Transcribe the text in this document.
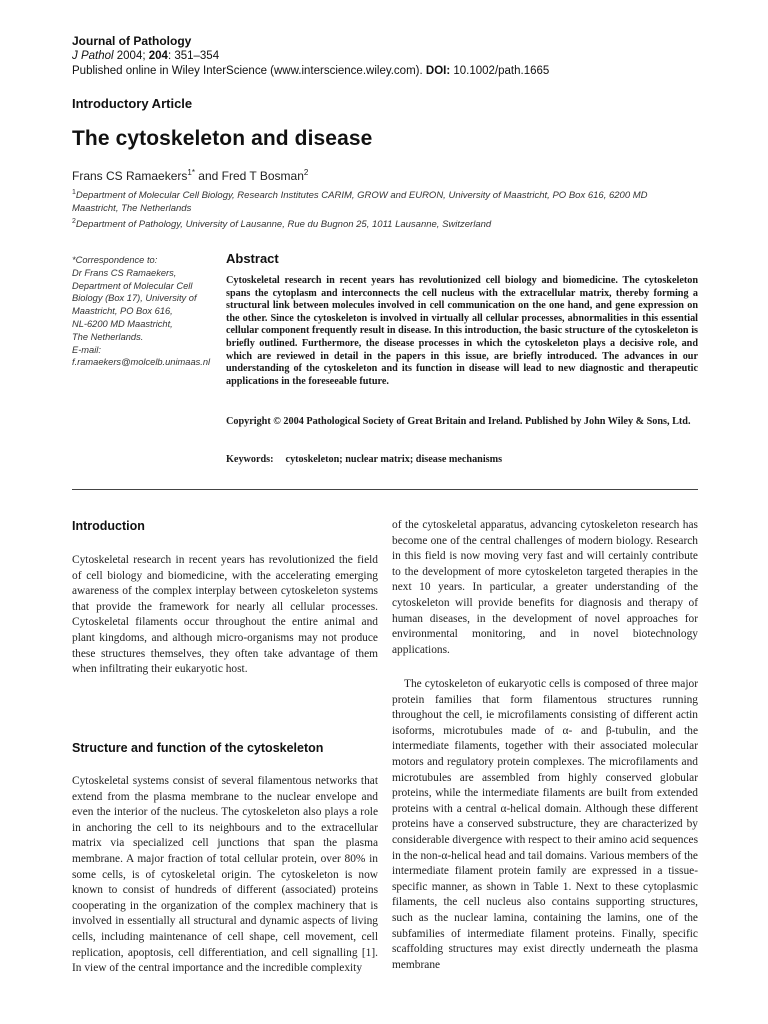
Journal of Pathology
J Pathol 2004; 204: 351–354
Published online in Wiley InterScience (www.interscience.wiley.com). DOI: 10.1002/path.1665
Introductory Article
The cytoskeleton and disease
Frans CS Ramaekers$^{1*}$ and Fred T Bosman$^2$
$^1$Department of Molecular Cell Biology, Research Institutes CARIM, GROW and EURON, University of Maastricht, PO Box 616, 6200 MD Maastricht, The Netherlands
$^2$Department of Pathology, University of Lausanne, Rue du Bugnon 25, 1011 Lausanne, Switzerland
*Correspondence to:
Dr Frans CS Ramaekers,
Department of Molecular Cell
Biology (Box 17), University of
Maastricht, PO Box 616,
NL-6200 MD Maastricht,
The Netherlands.
E-mail:
f.ramaekers@molcelb.unimaas.nl
Abstract
Cytoskeletal research in recent years has revolutionized cell biology and biomedicine. The cytoskeleton spans the cytoplasm and interconnects the cell nucleus with the extracellular matrix, thereby forming a structural link between molecules involved in cell communication on the one hand, and gene expression on the other. Since the cytoskeleton is involved in virtually all cellular processes, abnormalities in this essential cellular component frequently result in disease. In this introduction, the basic structure of the cytoskeleton is briefly outlined. Furthermore, the disease processes in which the cytoskeleton plays a decisive role, and which are reviewed in detail in the papers in this issue, are briefly introduced. The advances in our understanding of the cytoskeleton and its function in disease will lead to new diagnostic and therapeutic applications in the foreseeable future.
Copyright © 2004 Pathological Society of Great Britain and Ireland. Published by John Wiley & Sons, Ltd.
Keywords: cytoskeleton; nuclear matrix; disease mechanisms
Introduction
Cytoskeletal research in recent years has revolutionized the field of cell biology and biomedicine, with the accelerating emerging awareness of the complex interplay between cytoskeleton systems that provide the framework for nearly all cellular processes. Cytoskeletal filaments occur throughout the entire animal and plant kingdoms, and although micro-organisms may not produce these structures themselves, they often take advantage of them when infiltrating their eukaryotic host.
Structure and function of the cytoskeleton
Cytoskeletal systems consist of several filamentous networks that extend from the plasma membrane to the nuclear envelope and even the interior of the nucleus. The cytoskeleton also plays a role in anchoring the cell to its neighbours and to the extracellular matrix via specialized cell junctions that span the plasma membrane. A major fraction of total cellular protein, over 80% in some cells, is of cytoskeletal origin. The cytoskeleton is now known to consist of hundreds of different (associated) proteins cooperating in the organization of the complex machinery that is involved in essentially all structural and dynamic aspects of living cells, including maintenance of cell shape, cell movement, cell replication, apoptosis, cell differentiation, and cell signalling [1]. In view of the central importance and the incredible complexity
of the cytoskeletal apparatus, advancing cytoskeleton research has become one of the central challenges of modern biology. Research in this field is now moving very fast and will certainly contribute to the development of more cytoskeleton targeted therapies in the next 10 years. In particular, a greater understanding of the cytoskeleton will provide benefits for diagnosis and therapy of human diseases, in the development of novel approaches for environmental monitoring, and in novel biotechnology applications.
The cytoskeleton of eukaryotic cells is composed of three major protein families that form filamentous structures running throughout the cell, ie microfilaments consisting of different actin isoforms, microtubules made of α- and β-tubulin, and the intermediate filaments, together with their associated molecular motors and regulatory protein complexes. The microfilaments and microtubules are assembled from highly conserved globular proteins, while the intermediate filaments are built from extended proteins with a central α-helical domain. Although these different proteins have a conserved substructure, they are characterized by considerable divergence with respect to their amino acid sequences in the non-α-helical head and tail domains. Various members of the intermediate filament protein family are expressed in a tissue-specific manner, as shown in Table 1. Next to these cytoplasmic filaments, the cell nucleus also contains supporting structures, such as the nuclear lamina, containing the lamins, one of the subfamilies of intermediate filament proteins. Finally, specific scaffolding structures may exist directly underneath the plasma membrane
